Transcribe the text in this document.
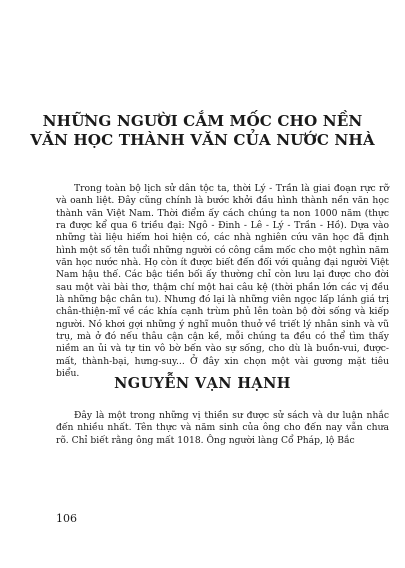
NHỮNG NGƯỜI CẮM MỐC CHO NỀN
VĂN HỌC THÀNH VĂN CỦA NƯỚC NHÀ

Trong toàn bộ lịch sử dân tộc ta, thời Lý - Trần là giai đoạn rực rỡ và oanh liệt. Đây cũng chính là bước khởi đầu hình thành nền văn học thành văn Việt Nam. Thời điểm ấy cách chúng ta non 1000 năm (thực ra được kể qua 6 triều đại: Ngô - Đinh - Lê - Lý - Trần - Hồ). Dựa vào những tài liệu hiếm hoi hiện có, các nhà nghiên cứu văn học đã định hình một số tên tuổi những người có công cắm mốc cho một nghìn năm văn học nước nhà. Họ còn ít được biết đến đối với quảng đại người Việt Nam hậu thế. Các bậc tiền bối ấy thường chỉ còn lưu lại được cho đời sau một vài bài thơ, thậm chí một hai câu kệ (thời phần lớn các vị đều là những bậc chân tu). Nhưng đó lại là những viên ngọc lấp lánh giá trị chân-thiện-mĩ về các khía cạnh trùm phủ lên toàn bộ đời sống và kiếp người. Nó khơi gợi những ý nghĩ muôn thuở về triết lý nhân sinh và vũ trụ, mà ở đó nếu thâu cận cận kề, mỗi chúng ta đều có thể tìm thấy niềm an ủi và tự tin vô bờ bến vào sự sống, cho dù là buồn-vui, được-mất, thành-bại, hưng-suy... Ở đây xin chọn một vài gương mặt tiêu biểu.

NGUYỄN VẠN HẠNH

Đây là một trong những vị thiền sư được sử sách và dư luận nhắc đến nhiều nhất. Tên thực và năm sinh của ông cho đến nay vẫn chưa rõ. Chỉ biết rằng ông mất 1018. Ông người làng Cổ Pháp, lộ Bắc

106
